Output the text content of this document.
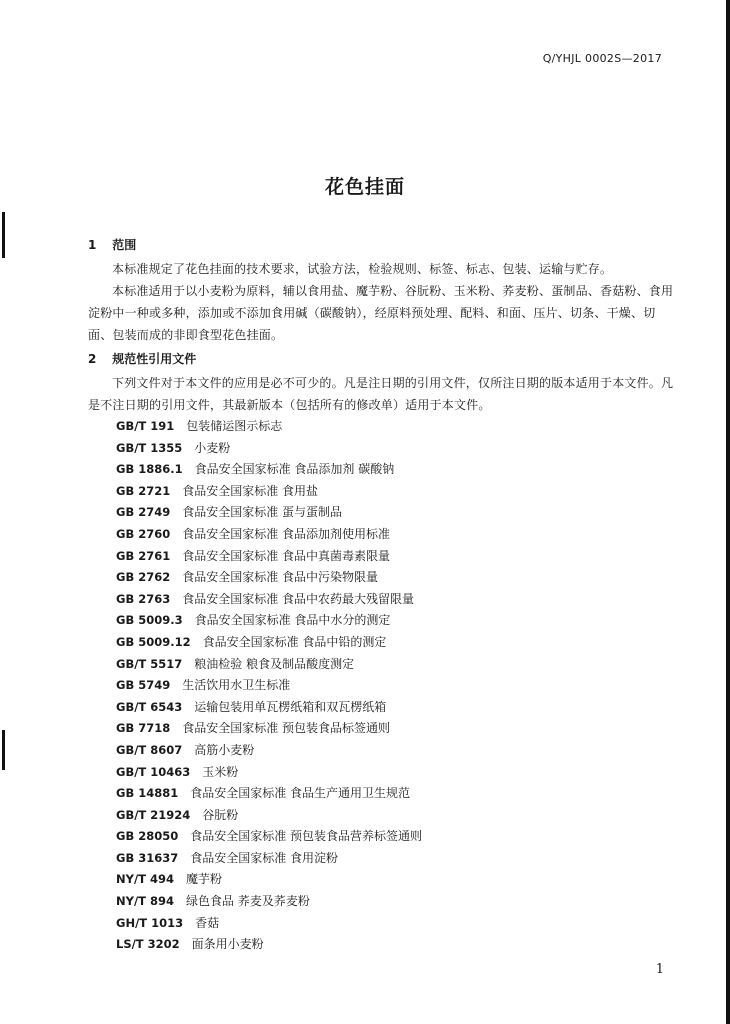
Q/YHJL 0002S—2017
花色挂面
1 范围
本标准规定了花色挂面的技术要求，试验方法，检验规则、标签、标志、包装、运输与贮存。
本标准适用于以小麦粉为原料，辅以食用盐、魔芋粉、谷朊粉、玉米粉、荞麦粉、蛋制品、香菇粉、食用淀粉中一种或多种，添加或不添加食用碱（碳酸钠），经原料预处理、配料、和面、压片、切条、干燥、切面、包装而成的非即食型花色挂面。
2 规范性引用文件
下列文件对于本文件的应用是必不可少的。凡是注日期的引用文件，仅所注日期的版本适用于本文件。凡是不注日期的引用文件，其最新版本（包括所有的修改单）适用于本文件。
GB/T 191 包装储运图示标志
GB/T 1355 小麦粉
GB 1886.1 食品安全国家标准 食品添加剂 碳酸钠
GB 2721 食品安全国家标准 食用盐
GB 2749 食品安全国家标准 蛋与蛋制品
GB 2760 食品安全国家标准 食品添加剂使用标准
GB 2761 食品安全国家标准 食品中真菌毒素限量
GB 2762 食品安全国家标准 食品中污染物限量
GB 2763 食品安全国家标准 食品中农药最大残留限量
GB 5009.3 食品安全国家标准 食品中水分的测定
GB 5009.12 食品安全国家标准 食品中铅的测定
GB/T 5517 粮油检验 粮食及制品酸度测定
GB 5749 生活饮用水卫生标准
GB/T 6543 运输包装用单瓦楞纸箱和双瓦楞纸箱
GB 7718 食品安全国家标准 预包装食品标签通则
GB/T 8607 高筋小麦粉
GB/T 10463 玉米粉
GB 14881 食品安全国家标准 食品生产通用卫生规范
GB/T 21924 谷朊粉
GB 28050 食品安全国家标准 预包装食品营养标签通则
GB 31637 食品安全国家标准 食用淀粉
NY/T 494 魔芋粉
NY/T 894 绿色食品 荞麦及荞麦粉
GH/T 1013 香菇
LS/T 3202 面条用小麦粉
1
